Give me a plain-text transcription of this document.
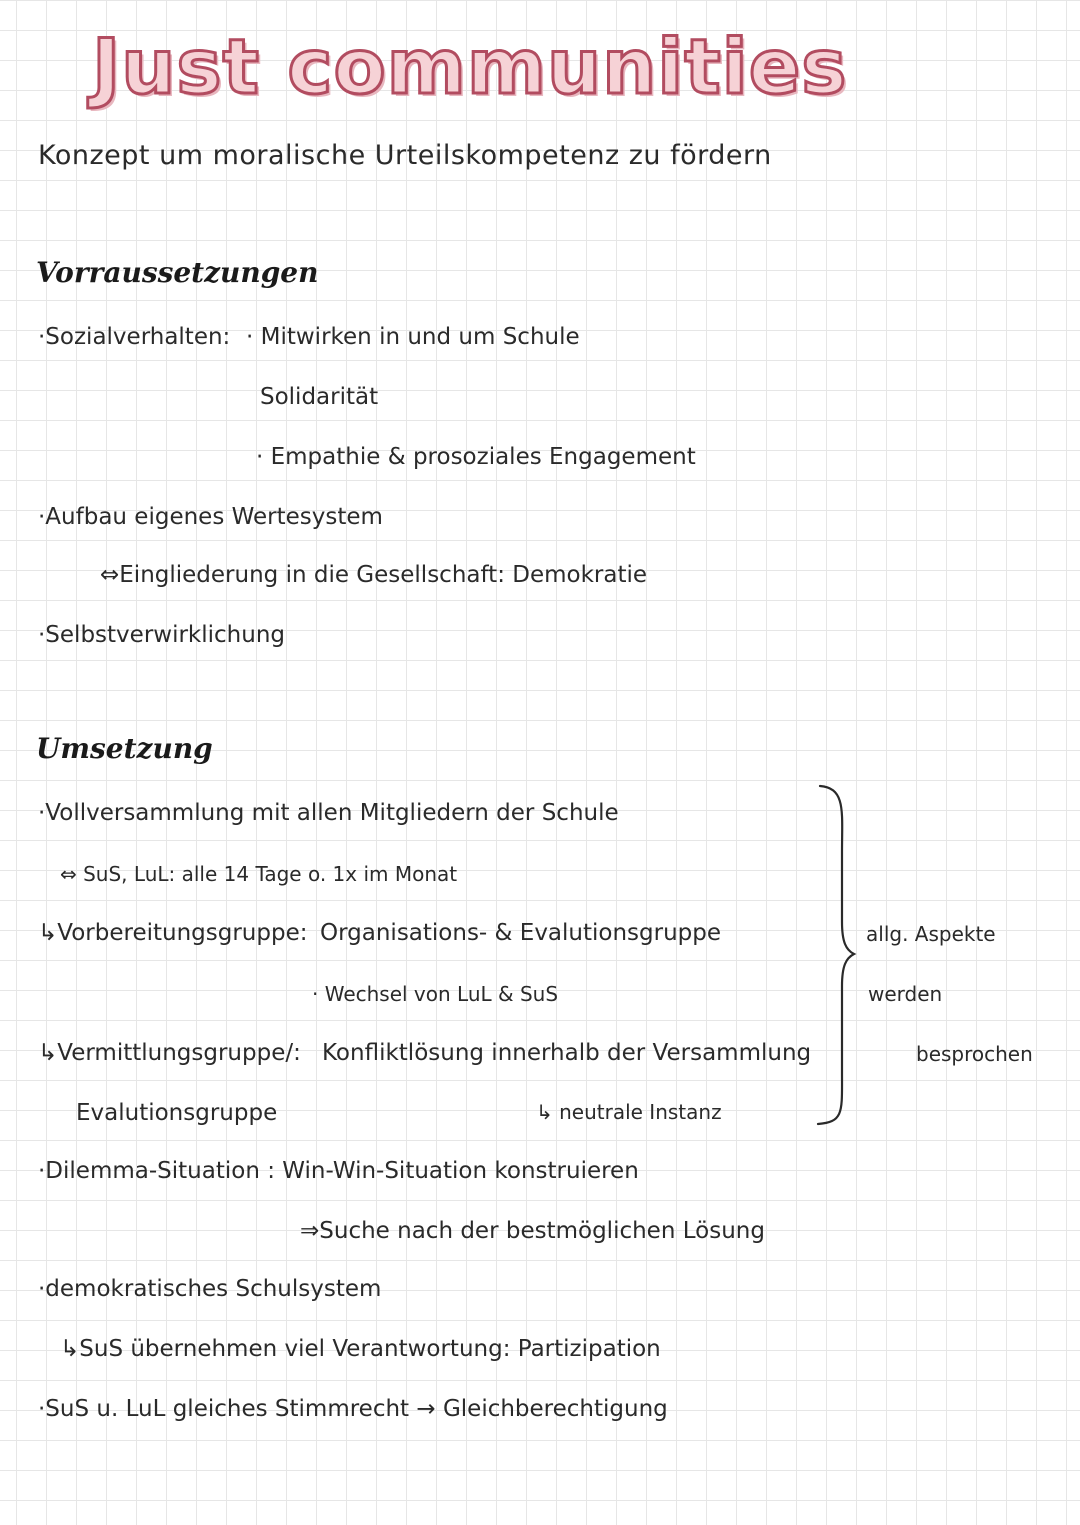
Just communities
Konzept um moralische Urteilskompetenz zu fördern
Vorraussetzungen
·Sozialverhalten: · Mitwirken in und um Schule
Solidarität
· Empathie & prosoziales Engagement
·Aufbau eigenes Wertesystem
⇔Eingliederung in die Gesellschaft: Demokratie
·Selbstverwirklichung
Umsetzung
·Vollversammlung mit allen Mitgliedern der Schule
⇔ SuS, LuL: alle 14 Tage o. 1x im Monat
↳Vorbereitungsgruppe: Organisations- & Evalutionsgruppe
· Wechsel von LuL & SuS
↳Vermittlungsgruppe/: Konfliktlösung innerhalb der Versammlung
Evalutionsgruppe	↳ neutrale Instanz
·Dilemma-Situation : Win-Win-Situation konstruieren
⇒Suche nach der bestmöglichen Lösung
·demokratisches Schulsystem
↳SuS übernehmen viel Verantwortung: Partizipation
·SuS u. LuL gleiches Stimmrecht → Gleichberechtigung
allg. Aspekte
werden
besprochen
